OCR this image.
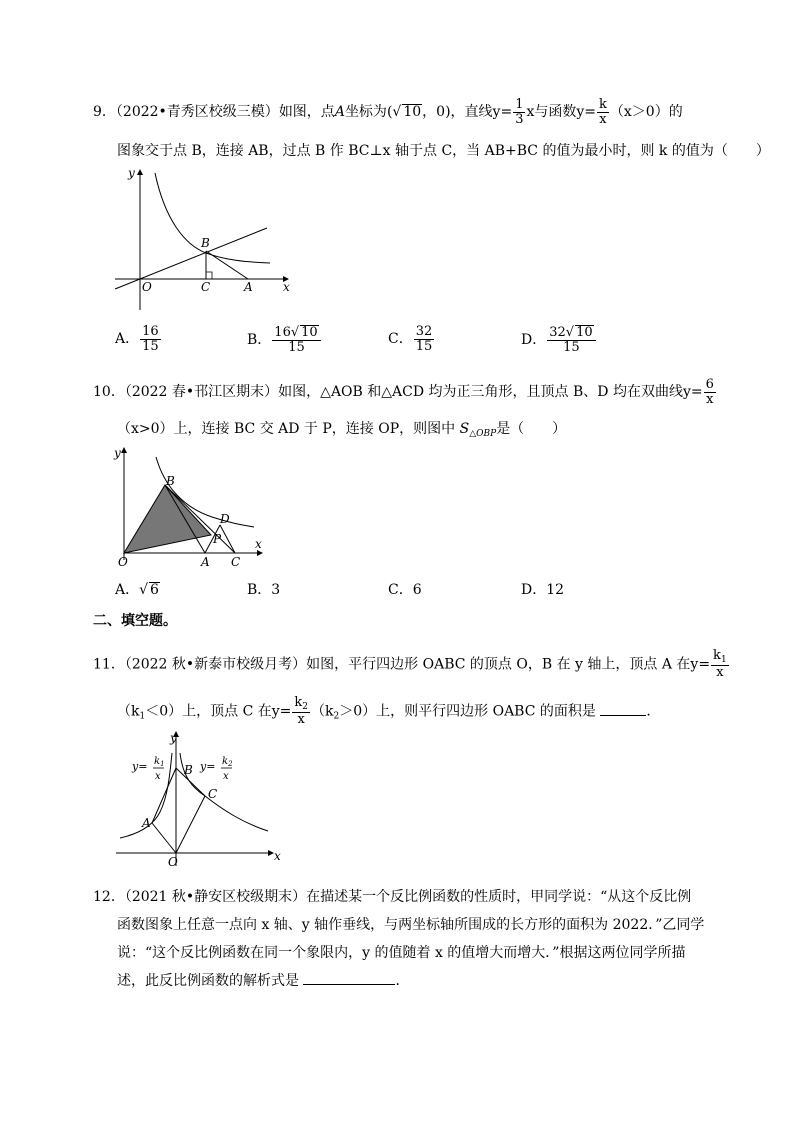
9．（2022•青秀区校级三模）如图，点A坐标为(√ 10，0)，直线$y= \frac{1}{3}$ x与函数$y= \frac{k}{x} (x>0)$的
图象交于点 B，连接 AB，过点 B 作 BC⊥x 轴于点 C，当 AB+BC 的值为最小时，则 k 的值为（　　）
y
x
O
B
C	A
A． $\frac{16}{15}$	B． $\frac{16√ 10}{15}$	C． $\frac{32}{15}$	D． $\frac{32√ 10}{15}$
10．（2022 春•邗江区期末）如图，△AOB 和△ACD 均为正三角形，且顶点 B、D 均在双曲线$y= \frac{6}{x}$
（x>0）上，连接 BC 交 AD 于 P，连接 OP，则图中 $S_{\triangle OBP}$是（　　）
y
x
O
B
D
P
A C
A．√ 6	B．3	C．6	D．12
二、填空题。
11．（2022 秋•新泰市校级月考）如图，平行四边形 OABC 的顶点 O，B 在 y 轴上，顶点 A 在$y= \frac{k_1}{x}$
$(k_1<0)$上，顶点 C 在$y= \frac{k_2}{x} (k_2>0)$上，则平行四边形 OABC 的面积是	．
y
x
O
A
B
C
$y= k_1$
x
$y= k_2$
x
12．（2021 秋•静安区校级期末）在描述某一个反比例函数的性质时，甲同学说：“从这个反比例
函数图象上任意一点向 x 轴、y 轴作垂线，与两坐标轴所围成的长方形的面积为 2022．”乙同学
说：“这个反比例函数在同一个象限内，y 的值随着 x 的值增大而增大．”根据这两位同学所描
述，此反比例函数的解析式是	．
